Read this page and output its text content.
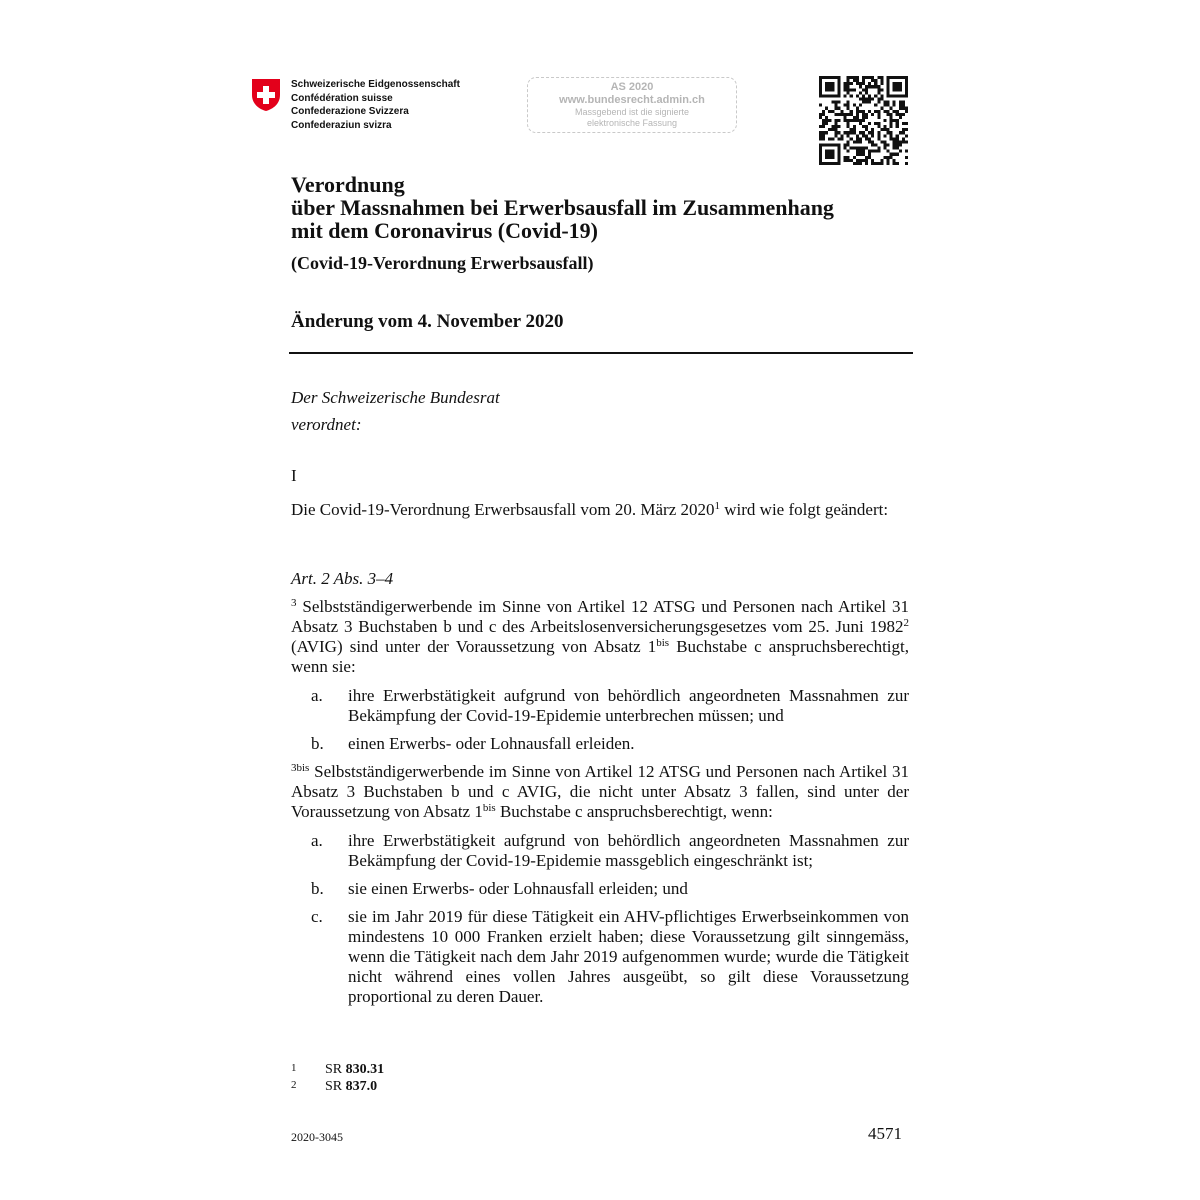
Schweizerische Eidgenossenschaft
Confédération suisse
Confederazione Svizzera
Confederaziun svizra
AS 2020
www.bundesrecht.admin.ch
Massgebend ist die signierte
elektronische Fassung
Verordnung
über Massnahmen bei Erwerbsausfall im Zusammenhang
mit dem Coronavirus (Covid-19)
(Covid-19-Verordnung Erwerbsausfall)
Änderung vom 4. November 2020
Der Schweizerische Bundesrat
verordnet:
I
Die Covid-19-Verordnung Erwerbsausfall vom 20. März 2020$^1$ wird wie folgt geändert:
Art. 2 Abs. 3–4
$^3$ Selbstständigerwerbende im Sinne von Artikel 12 ATSG und Personen nach Artikel 31 Absatz 3 Buchstaben b und c des Arbeitslosenversicherungsgesetzes vom 25. Juni 1982$^2$ (AVIG) sind unter der Voraussetzung von Absatz $1^{bis}$ Buchstabe c anspruchsberechtigt, wenn sie:
a. ihre Erwerbstätigkeit aufgrund von behördlich angeordneten Massnahmen zur Bekämpfung der Covid-19-Epidemie unterbrechen müssen; und
b. einen Erwerbs- oder Lohnausfall erleiden.
$^{3bis}$ Selbstständigerwerbende im Sinne von Artikel 12 ATSG und Personen nach Artikel 31 Absatz 3 Buchstaben b und c AVIG, die nicht unter Absatz 3 fallen, sind unter der Voraussetzung von Absatz $1^{bis}$ Buchstabe c anspruchsberechtigt, wenn:
a. ihre Erwerbstätigkeit aufgrund von behördlich angeordneten Massnahmen zur Bekämpfung der Covid-19-Epidemie massgeblich eingeschränkt ist;
b. sie einen Erwerbs- oder Lohnausfall erleiden; und
c. sie im Jahr 2019 für diese Tätigkeit ein AHV-pflichtiges Erwerbseinkommen von mindestens 10 000 Franken erzielt haben; diese Voraussetzung gilt sinngemäss, wenn die Tätigkeit nach dem Jahr 2019 aufgenommen wurde; wurde die Tätigkeit nicht während eines vollen Jahres ausgeübt, so gilt diese Voraussetzung proportional zu deren Dauer.
1 SR 830.31
2 SR 837.0
2020-3045	4571
